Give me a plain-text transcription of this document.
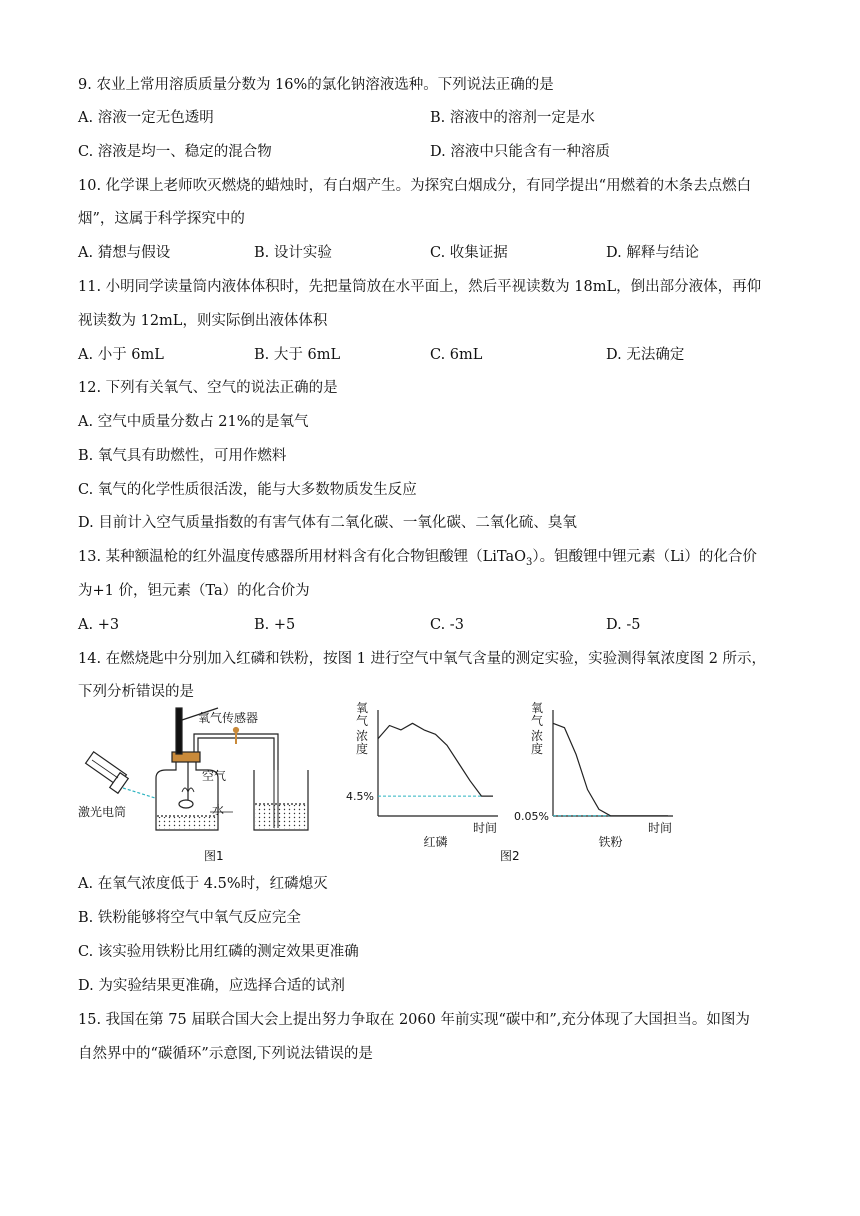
9. 农业上常用溶质质量分数为 16%的氯化钠溶液选种。下列说法正确的是
A. 溶液一定无色透明	B. 溶液中的溶剂一定是水
C. 溶液是均一、稳定的混合物	D. 溶液中只能含有一种溶质
10. 化学课上老师吹灭燃烧的蜡烛时，有白烟产生。为探究白烟成分，有同学提出“用燃着的木条去点燃白
烟”，这属于科学探究中的
A. 猜想与假设	B. 设计实验	C. 收集证据	D. 解释与结论
11. 小明同学读量筒内液体体积时，先把量筒放在水平面上，然后平视读数为 18mL，倒出部分液体，再仰
视读数为 12mL，则实际倒出液体体积
A. 小于 6mL	B. 大于 6mL	C. 6mL	D. 无法确定
12. 下列有关氧气、空气的说法正确的是
A. 空气中质量分数占 21%的是氧气
B. 氧气具有助燃性，可用作燃料
C. 氧气的化学性质很活泼，能与大多数物质发生反应
D. 目前计入空气质量指数的有害气体有二氧化碳、一氧化碳、二氧化硫、臭氧
13. 某种额温枪的红外温度传感器所用材料含有化合物钽酸锂（LiTaO$_3$）。钽酸锂中锂元素（Li）的化合价
为+1 价，钽元素（Ta）的化合价为
A. +3	B. +5	C. -3	D. -5
14. 在燃烧匙中分别加入红磷和铁粉，按图 1 进行空气中氧气含量的测定实验，实验测得氧浓度图 2 所示，
下列分析错误的是
氧气传感器
空气
水
激光电筒
图1
氧
气
浓
度
时间
红磷
4.5%
氧
气
浓
度
时间
铁粉
0.05%
图2
A. 在氧气浓度低于 4.5%时，红磷熄灭
B. 铁粉能够将空气中氧气反应完全
C. 该实验用铁粉比用红磷的测定效果更准确
D. 为实验结果更准确，应选择合适的试剂
15. 我国在第 75 届联合国大会上提出努力争取在 2060 年前实现“碳中和”,充分体现了大国担当。如图为
自然界中的“碳循环”示意图,下列说法错误的是
